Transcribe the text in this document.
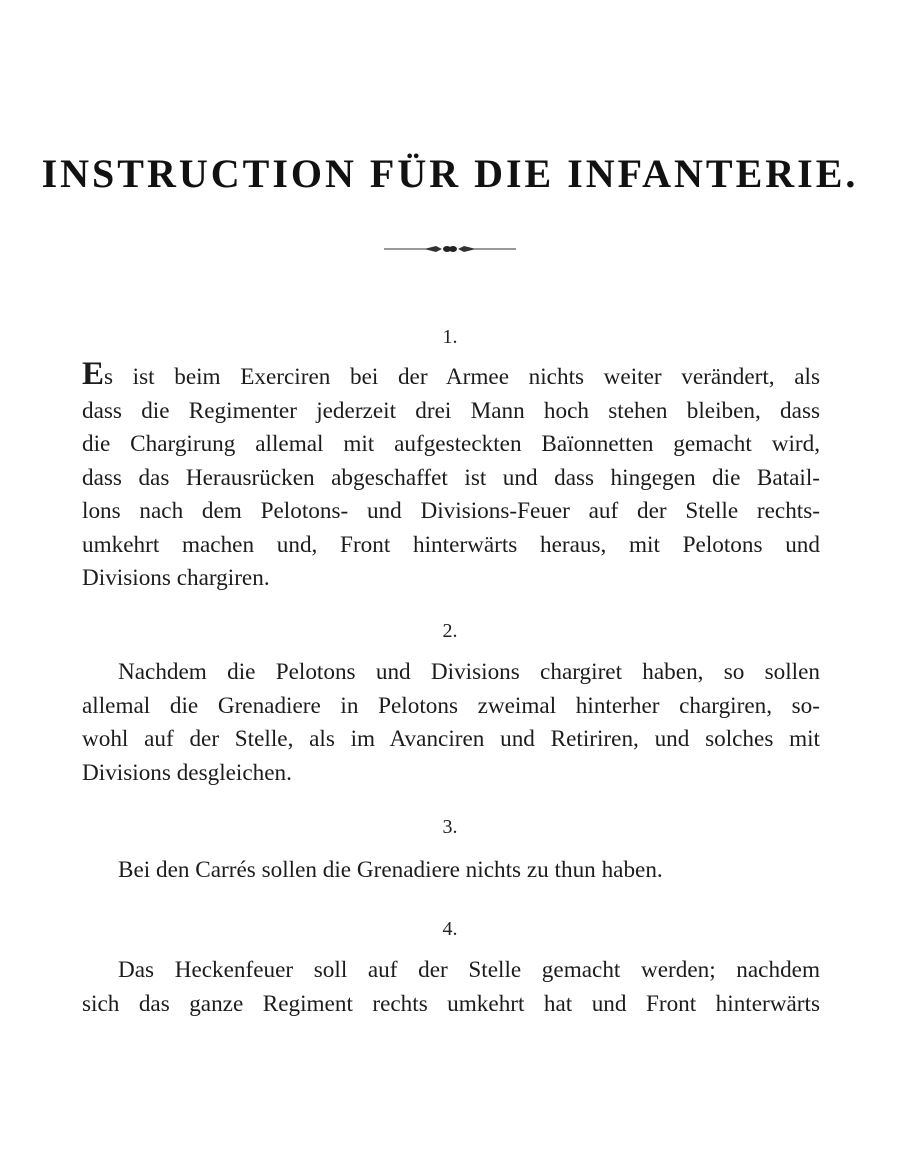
INSTRUCTION FÜR DIE INFANTERIE.
1.
Es ist beim Exerciren bei der Armee nichts weiter verändert, als
dass die Regimenter jederzeit drei Mann hoch stehen bleiben, dass
die Chargirung allemal mit aufgesteckten Baïonnetten gemacht wird,
dass das Herausrücken abgeschaffet ist und dass hingegen die Batail-
lons nach dem Pelotons- und Divisions-Feuer auf der Stelle rechts-
umkehrt machen und, Front hinterwärts heraus, mit Pelotons und
Divisions chargiren.
2.
Nachdem die Pelotons und Divisions chargiret haben, so sollen
allemal die Grenadiere in Pelotons zweimal hinterher chargiren, so-
wohl auf der Stelle, als im Avanciren und Retiriren, und solches mit
Divisions desgleichen.
3.
Bei den Carrés sollen die Grenadiere nichts zu thun haben.
4.
Das Heckenfeuer soll auf der Stelle gemacht werden; nachdem
sich das ganze Regiment rechts umkehrt hat und Front hinterwärts
